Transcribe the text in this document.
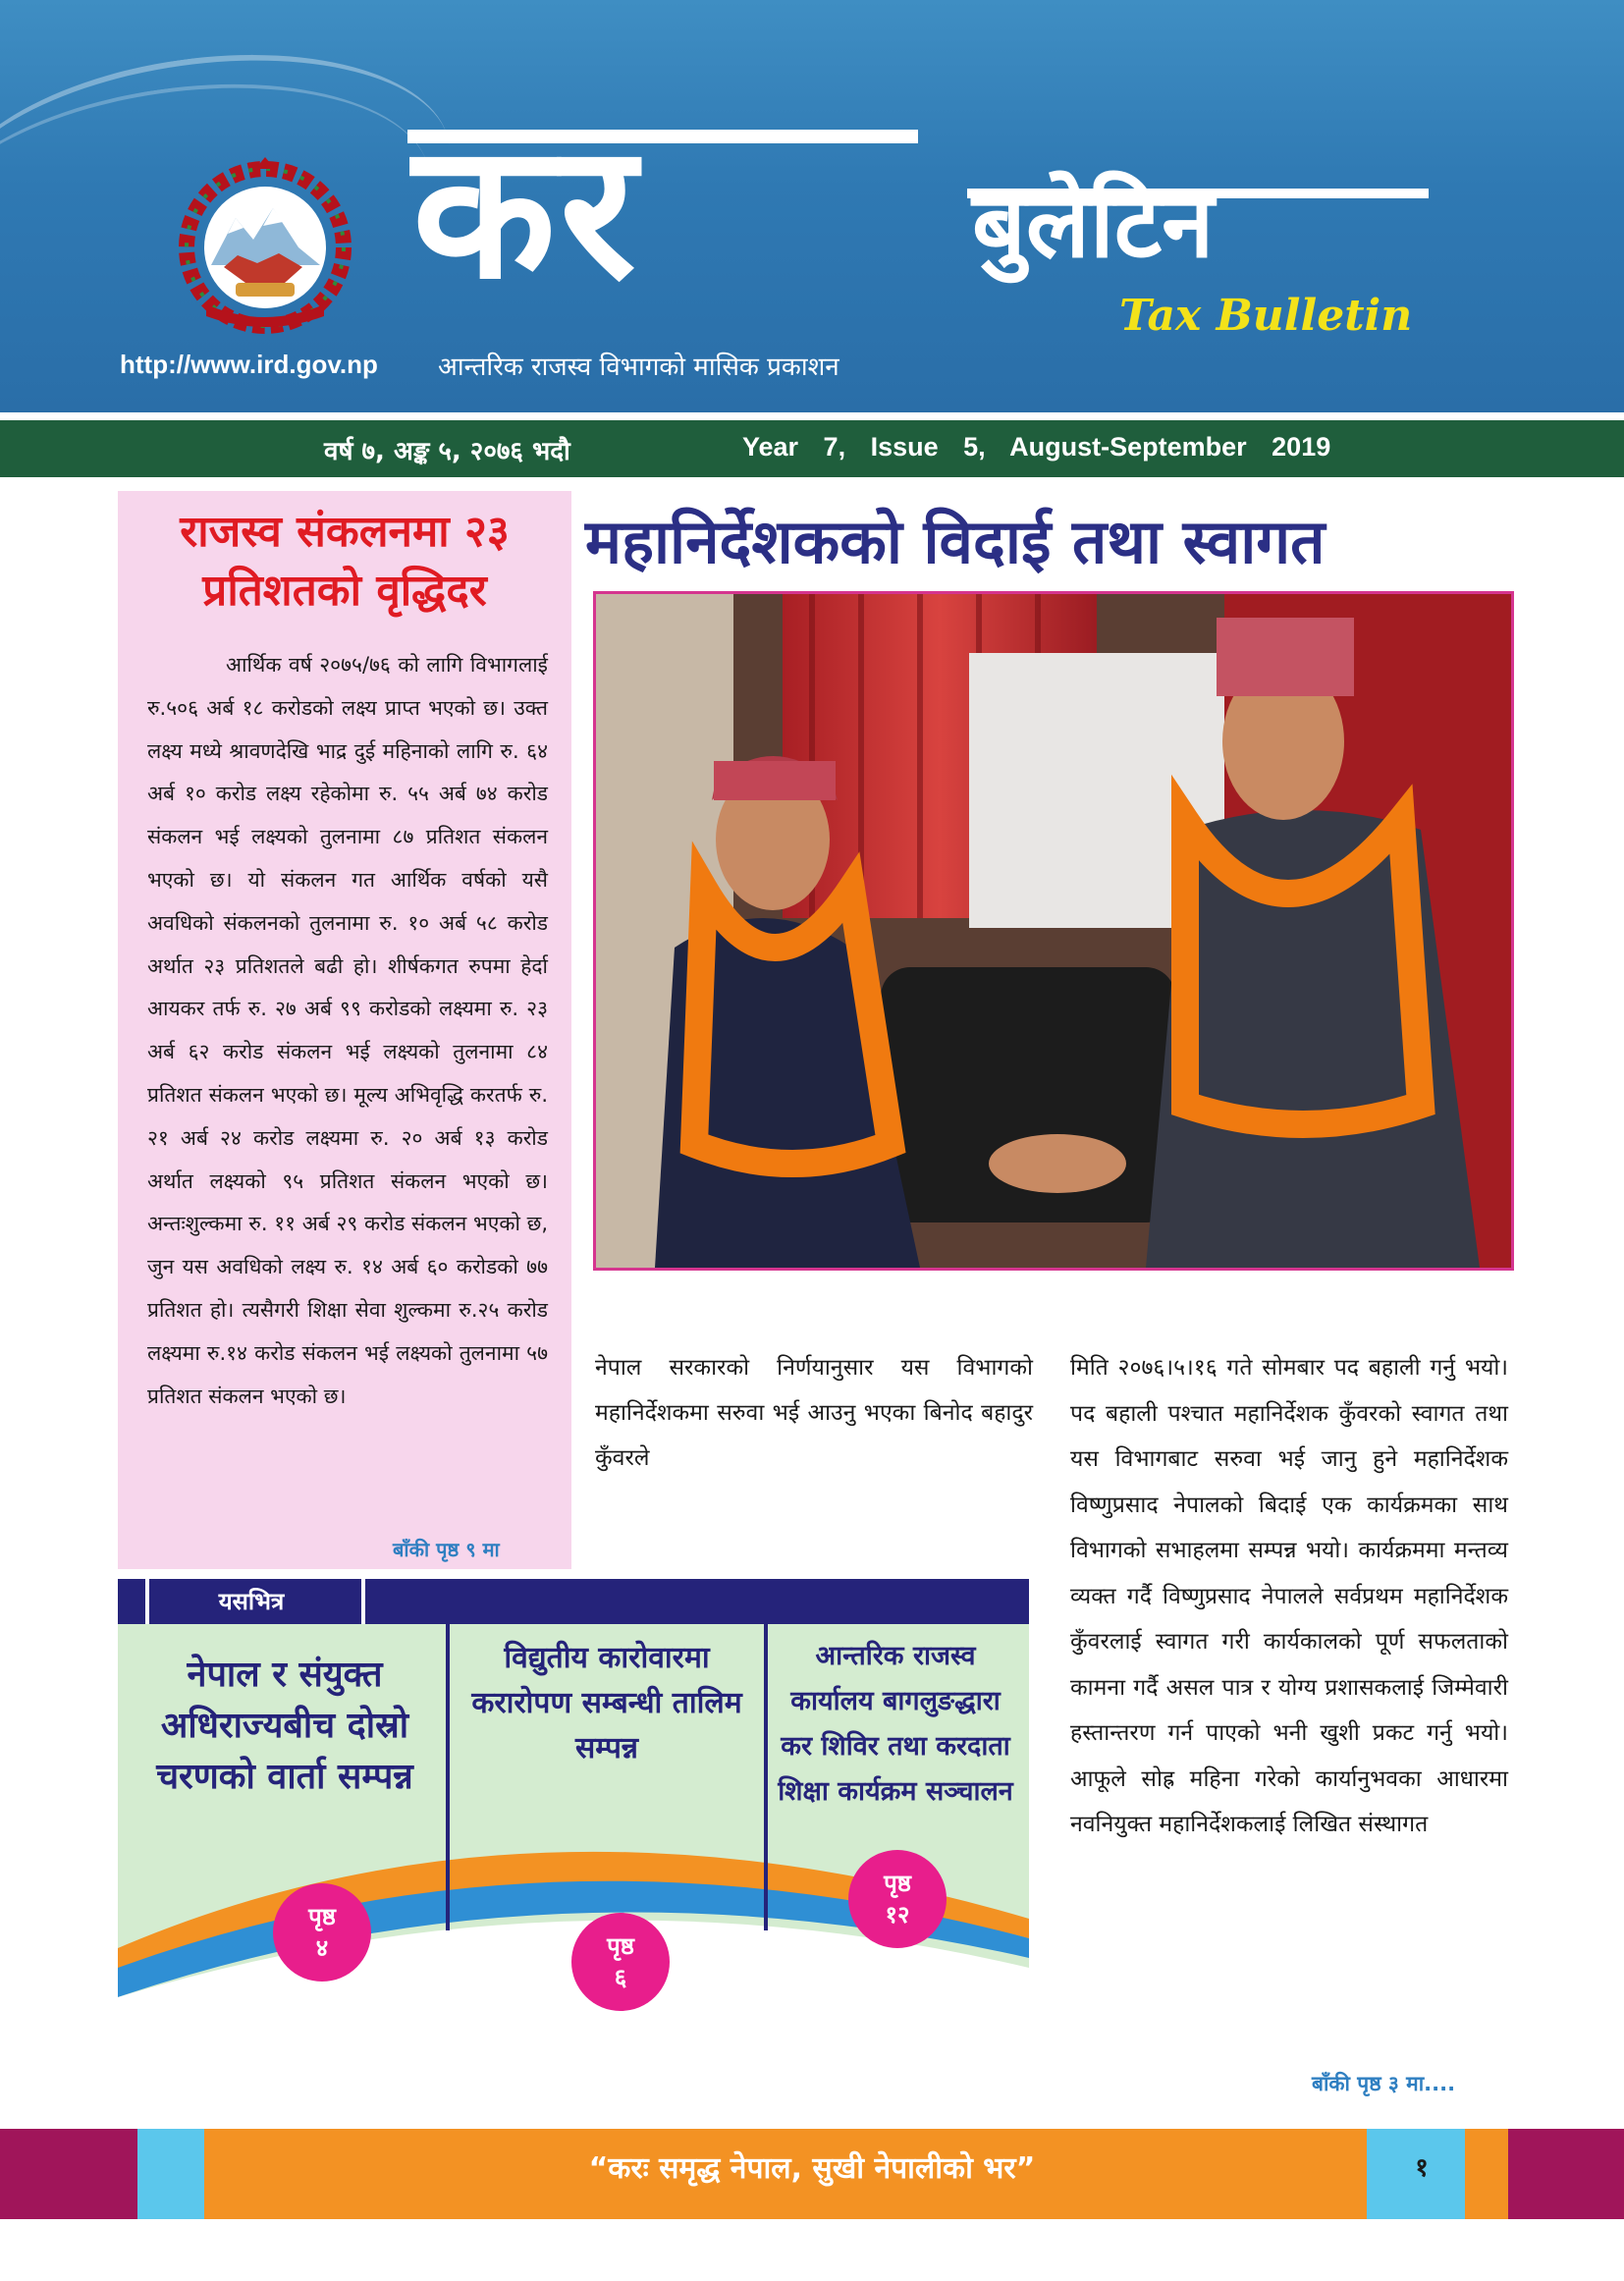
कर	बुलेटिन
Tax Bulletin
http://www.ird.gov.np आन्तरिक राजस्व विभागको मासिक प्रकाशन
वर्ष ७, अङ्क ५, २०७६ भदौ	Year 7, Issue 5, August-September 2019
राजस्व संकलनमा २३ प्रतिशतको वृद्धिदर
आर्थिक वर्ष २०७५/७६ को लागि विभागलाई रु.५०६ अर्ब १८ करोडको लक्ष्य प्राप्त भएको छ। उक्त लक्ष्य मध्ये श्रावणदेखि भाद्र दुई महिनाको लागि रु. ६४ अर्ब १० करोड लक्ष्य रहेकोमा रु. ५५ अर्ब ७४ करोड संकलन भई लक्ष्यको तुलनामा ८७ प्रतिशत संकलन भएको छ। यो संकलन गत आर्थिक वर्षको यसै अवधिको संकलनको तुलनामा रु. १० अर्ब ५८ करोड अर्थात २३ प्रतिशतले बढी हो। शीर्षकगत रुपमा हेर्दा आयकर तर्फ रु. २७ अर्ब ९९ करोडको लक्ष्यमा रु. २३ अर्ब ६२ करोड संकलन भई लक्ष्यको तुलनामा ८४ प्रतिशत संकलन भएको छ। मूल्य अभिवृद्धि करतर्फ रु. २१ अर्ब २४ करोड लक्ष्यमा रु. २० अर्ब १३ करोड अर्थात लक्ष्यको ९५ प्रतिशत संकलन भएको छ। अन्तःशुल्कमा रु. ११ अर्ब २९ करोड संकलन भएको छ, जुन यस अवधिको लक्ष्य रु. १४ अर्ब ६० करोडको ७७ प्रतिशत हो। त्यसैगरी शिक्षा सेवा शुल्कमा रु.२५ करोड लक्ष्यमा रु.१४ करोड संकलन भई लक्ष्यको तुलनामा ५७ प्रतिशत संकलन भएको छ।
बाँकी पृष्ठ ९ मा
महानिर्देशकको विदाई तथा स्वागत
नेपाल सरकारको निर्णयानुसार यस विभागको महानिर्देशकमा सरुवा भई आउनु भएका बिनोद बहादुर कुँवरले
मिति २०७६।५।१६ गते सोमबार पद बहाली गर्नु भयो। पद बहाली पश्चात महानिर्देशक कुँवरको स्वागत तथा यस विभागबाट सरुवा भई जानु हुने महानिर्देशक विष्णुप्रसाद नेपालको बिदाई एक कार्यक्रमका साथ विभागको सभाहलमा सम्पन्न भयो। कार्यक्रममा मन्तव्य व्यक्त गर्दै विष्णुप्रसाद नेपालले सर्वप्रथम महानिर्देशक कुँवरलाई स्वागत गरी कार्यकालको पूर्ण सफलताको कामना गर्दै असल पात्र र योग्य प्रशासकलाई जिम्मेवारी हस्तान्तरण गर्न पाएको भनी खुशी प्रकट गर्नु भयो। आफूले सोह्र महिना गरेको कार्यानुभवका आधारमा नवनियुक्त महानिर्देशकलाई लिखित संस्थागत
बाँकी पृष्ठ ३ मा....
यसभित्र
नेपाल र संयुक्त अधिराज्यबीच दोस्रो चरणको वार्ता सम्पन्न
विद्युतीय कारोवारमा करारोपण सम्बन्धी तालिम सम्पन्न
आन्तरिक राजस्व कार्यालय बागलुङद्धारा कर शिविर तथा करदाता शिक्षा कार्यक्रम सञ्चालन
पृष्ठ
४	पृष्ठ
६
पृष्ठ
१२
“करः समृद्ध नेपाल, सुखी नेपालीको भर”	१
